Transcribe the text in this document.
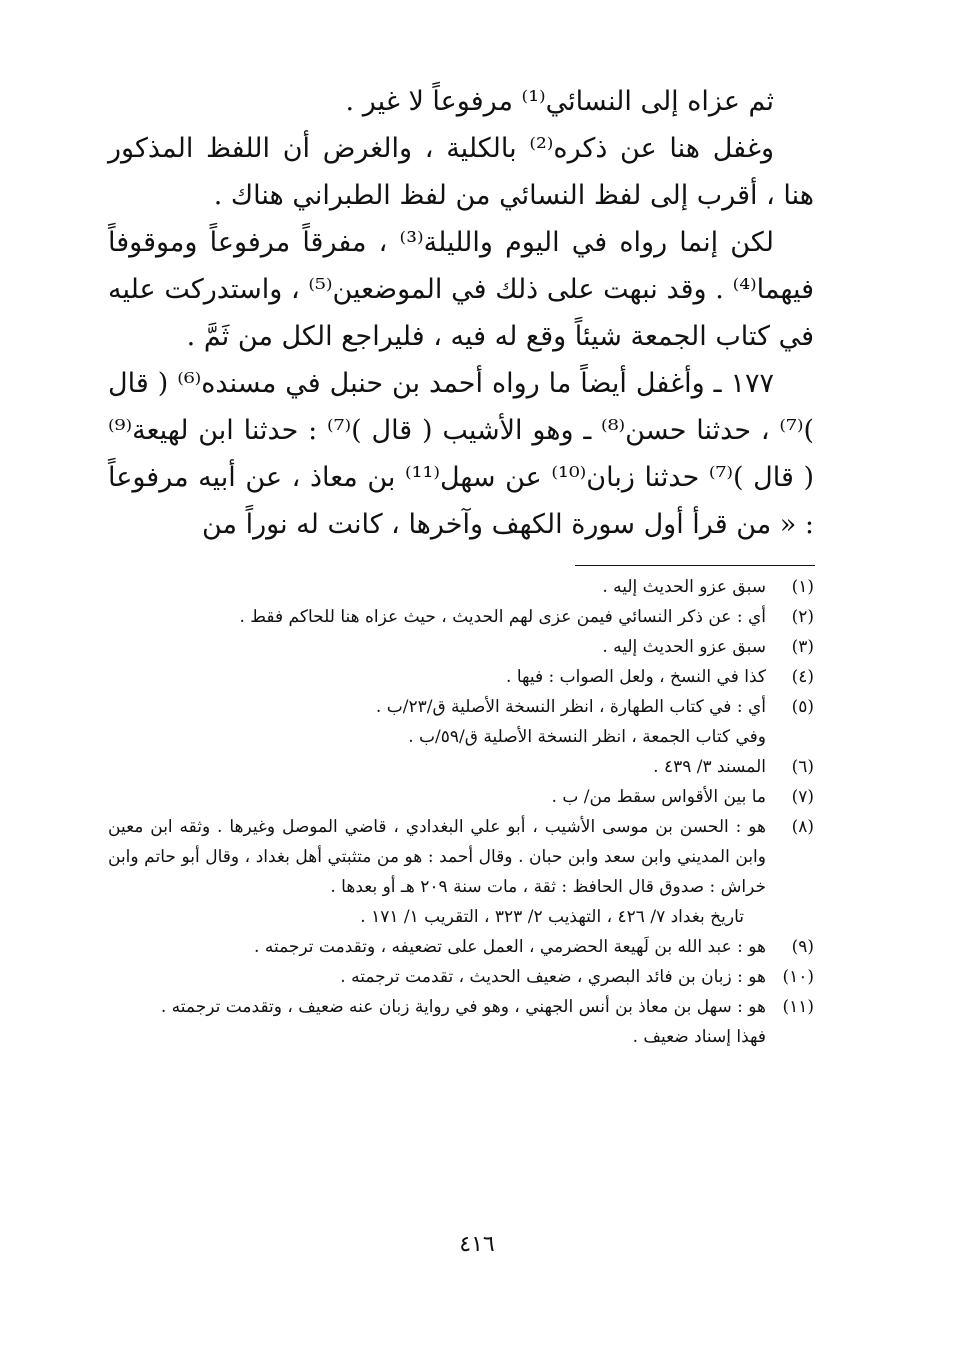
ثم عزاه إلى النسائي⁽¹⁾ مرفوعاً لا غير .

وغفل هنا عن ذكره⁽²⁾ بالكلية ، والغرض أن اللفظ المذكور هنا ، أقرب إلى لفظ النسائي من لفظ الطبراني هناك .

لكن إنما رواه في اليوم والليلة⁽³⁾ ، مفرقاً مرفوعاً وموقوفاً فيهما⁽⁴⁾ . وقد نبهت على ذلك في الموضعين⁽⁵⁾ ، واستدركت عليه في كتاب الجمعة شيئاً وقع له فيه ، فليراجع الكل من ثَمَّ .

١٧٧ ـ وأغفل أيضاً ما رواه أحمد بن حنبل في مسنده⁽⁶⁾ ( قال )⁽⁷⁾ ، حدثنا حسن⁽⁸⁾ ـ وهو الأشيب ( قال )⁽⁷⁾ : حدثنا ابن لهيعة⁽⁹⁾ ( قال )⁽⁷⁾ حدثنا زبان⁽¹⁰⁾ عن سهل⁽¹¹⁾ بن معاذ ، عن أبيه مرفوعاً : « من قرأ أول سورة الكهف وآخرها ، كانت له نوراً من

(١)
سبق عزو الحديث إليه .
(٢)
أي : عن ذكر النسائي فيمن عزى لهم الحديث ، حيث عزاه هنا للحاكم فقط .
(٣)
سبق عزو الحديث إليه .
(٤)
كذا في النسخ ، ولعل الصواب : فيها .
(٥)
أي : في كتاب الطهارة ، انظر النسخة الأصلية ق/٢٣/ب .
وفي كتاب الجمعة ، انظر النسخة الأصلية ق/٥٩/ب .
(٦)
المسند ٣/ ٤٣٩ .
(٧)
ما بين الأقواس سقط من/ ب .
(٨)
هو : الحسن بن موسى الأشيب ، أبو علي البغدادي ، قاضي الموصل وغيرها . وثقه ابن معين وابن المديني وابن سعد وابن حبان . وقال أحمد : هو من متثبتي أهل بغداد ، وقال أبو حاتم وابن خراش : صدوق قال الحافظ : ثقة ، مات سنة ٢٠٩ هـ أو بعدها .
تاريخ بغداد ٧/ ٤٢٦ ، التهذيب ٢/ ٣٢٣ ، التقريب ١/ ١٧١ .
(٩)
هو : عبد الله بن لَهيعة الحضرمي ، العمل على تضعيفه ، وتقدمت ترجمته .
(١٠)
هو : زبان بن فائد البصري ، ضعيف الحديث ، تقدمت ترجمته .
(١١)
هو : سهل بن معاذ بن أنس الجهني ، وهو في رواية زبان عنه ضعيف ، وتقدمت ترجمته .
فهذا إسناد ضعيف .
٤١٦
